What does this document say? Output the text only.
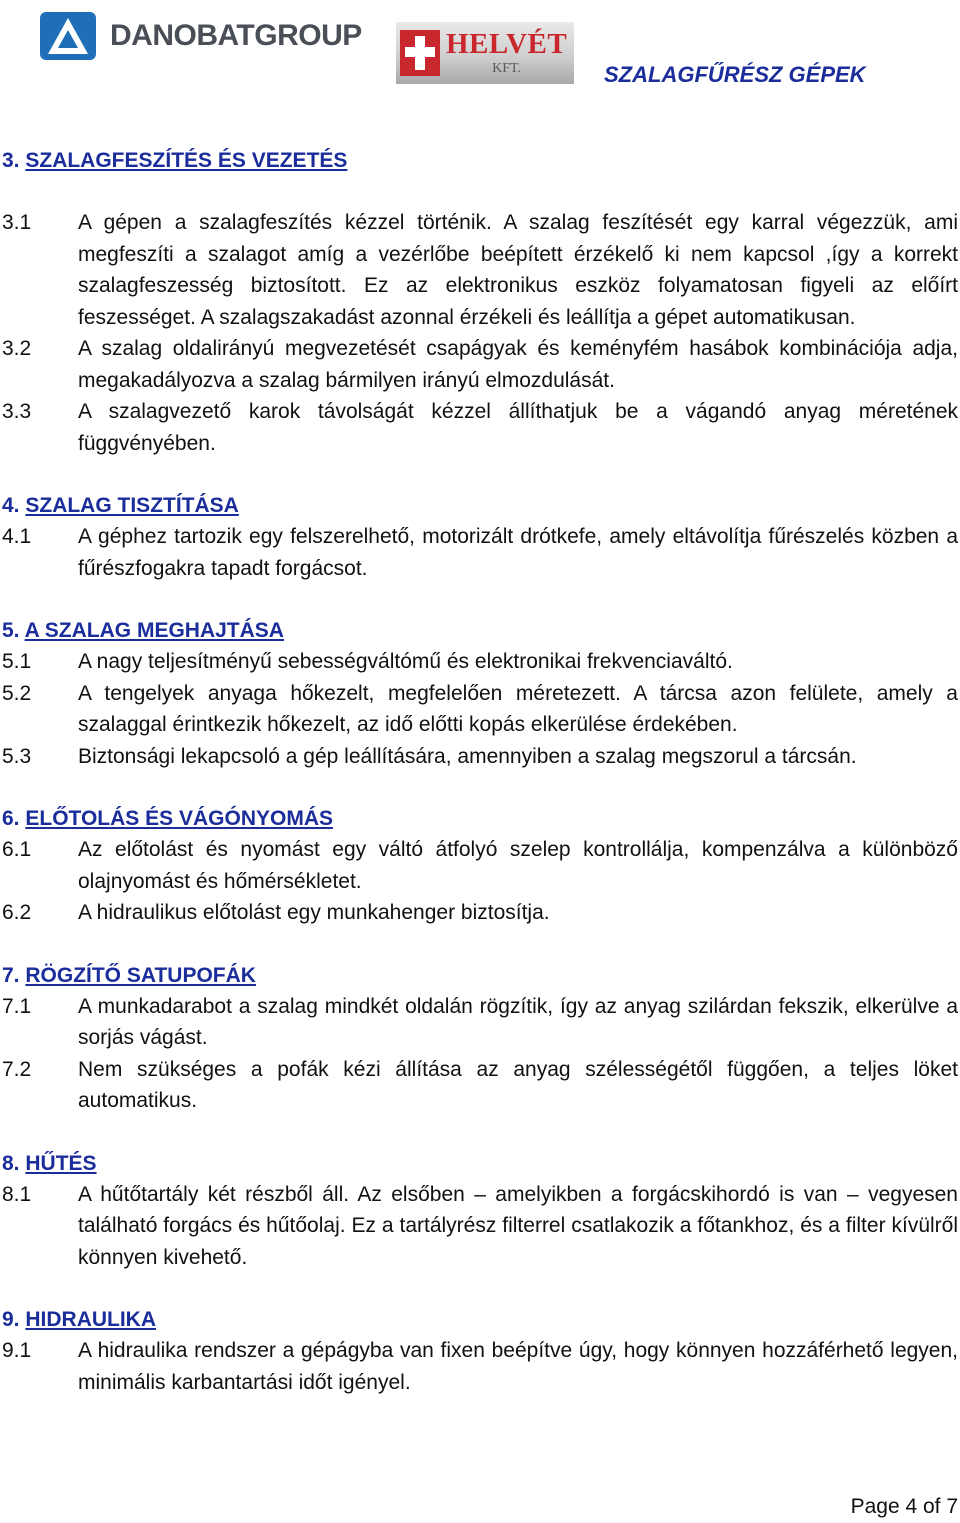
DANOBATGROUP	HELVÉT
KFT.	SZALAGFŰRÉSZ GÉPEK
3. SZALAGFESZÍTÉS ÉS VEZETÉS
3.1	A gépen a szalagfeszítés kézzel történik. A szalag feszítését egy karral végezzük, ami megfeszíti a szalagot amíg a vezérlőbe beépített érzékelő ki nem kapcsol ,így a korrekt szalagfeszesség biztosított. Ez az elektronikus eszköz folyamatosan figyeli az előírt feszességet. A szalagszakadást azonnal érzékeli és leállítja a gépet automatikusan.
3.2	A szalag oldalirányú megvezetését csapágyak és keményfém hasábok kombinációja adja, megakadályozva a szalag bármilyen irányú elmozdulását.
3.3	A szalagvezető karok távolságát kézzel állíthatjuk be a vágandó anyag méretének függvényében.
4. SZALAG TISZTÍTÁSA
4.1	A géphez tartozik egy felszerelhető, motorizált drótkefe, amely eltávolítja fűrészelés közben a fűrészfogakra tapadt forgácsot.
5. A SZALAG MEGHAJTÁSA
5.1	A nagy teljesítményű sebességváltómű és elektronikai frekvenciaváltó.
5.2	A tengelyek anyaga hőkezelt, megfelelően méretezett. A tárcsa azon felülete, amely a szalaggal érintkezik hőkezelt, az idő előtti kopás elkerülése érdekében.
5.3	Biztonsági lekapcsoló a gép leállítására, amennyiben a szalag megszorul a tárcsán.
6. ELŐTOLÁS ÉS VÁGÓNYOMÁS
6.1	Az előtolást és nyomást egy váltó átfolyó szelep kontrollálja, kompenzálva a különböző olajnyomást és hőmérsékletet.
6.2	A hidraulikus előtolást egy munkahenger biztosítja.
7. RÖGZÍTŐ SATUPOFÁK
7.1	A munkadarabot a szalag mindkét oldalán rögzítik, így az anyag szilárdan fekszik, elkerülve a sorjás vágást.
7.2	Nem szükséges a pofák kézi állítása az anyag szélességétől függően, a teljes löket automatikus.
8. HŰTÉS
8.1	A hűtőtartály két részből áll. Az elsőben – amelyikben a forgácskihordó is van – vegyesen található forgács és hűtőolaj. Ez a tartályrész filterrel csatlakozik a főtankhoz, és a filter kívülről könnyen kivehető.
9. HIDRAULIKA
9.1	A hidraulika rendszer a gépágyba van fixen beépítve úgy, hogy könnyen hozzáférhető legyen, minimális karbantartási időt igényel.
Page 4 of 7
